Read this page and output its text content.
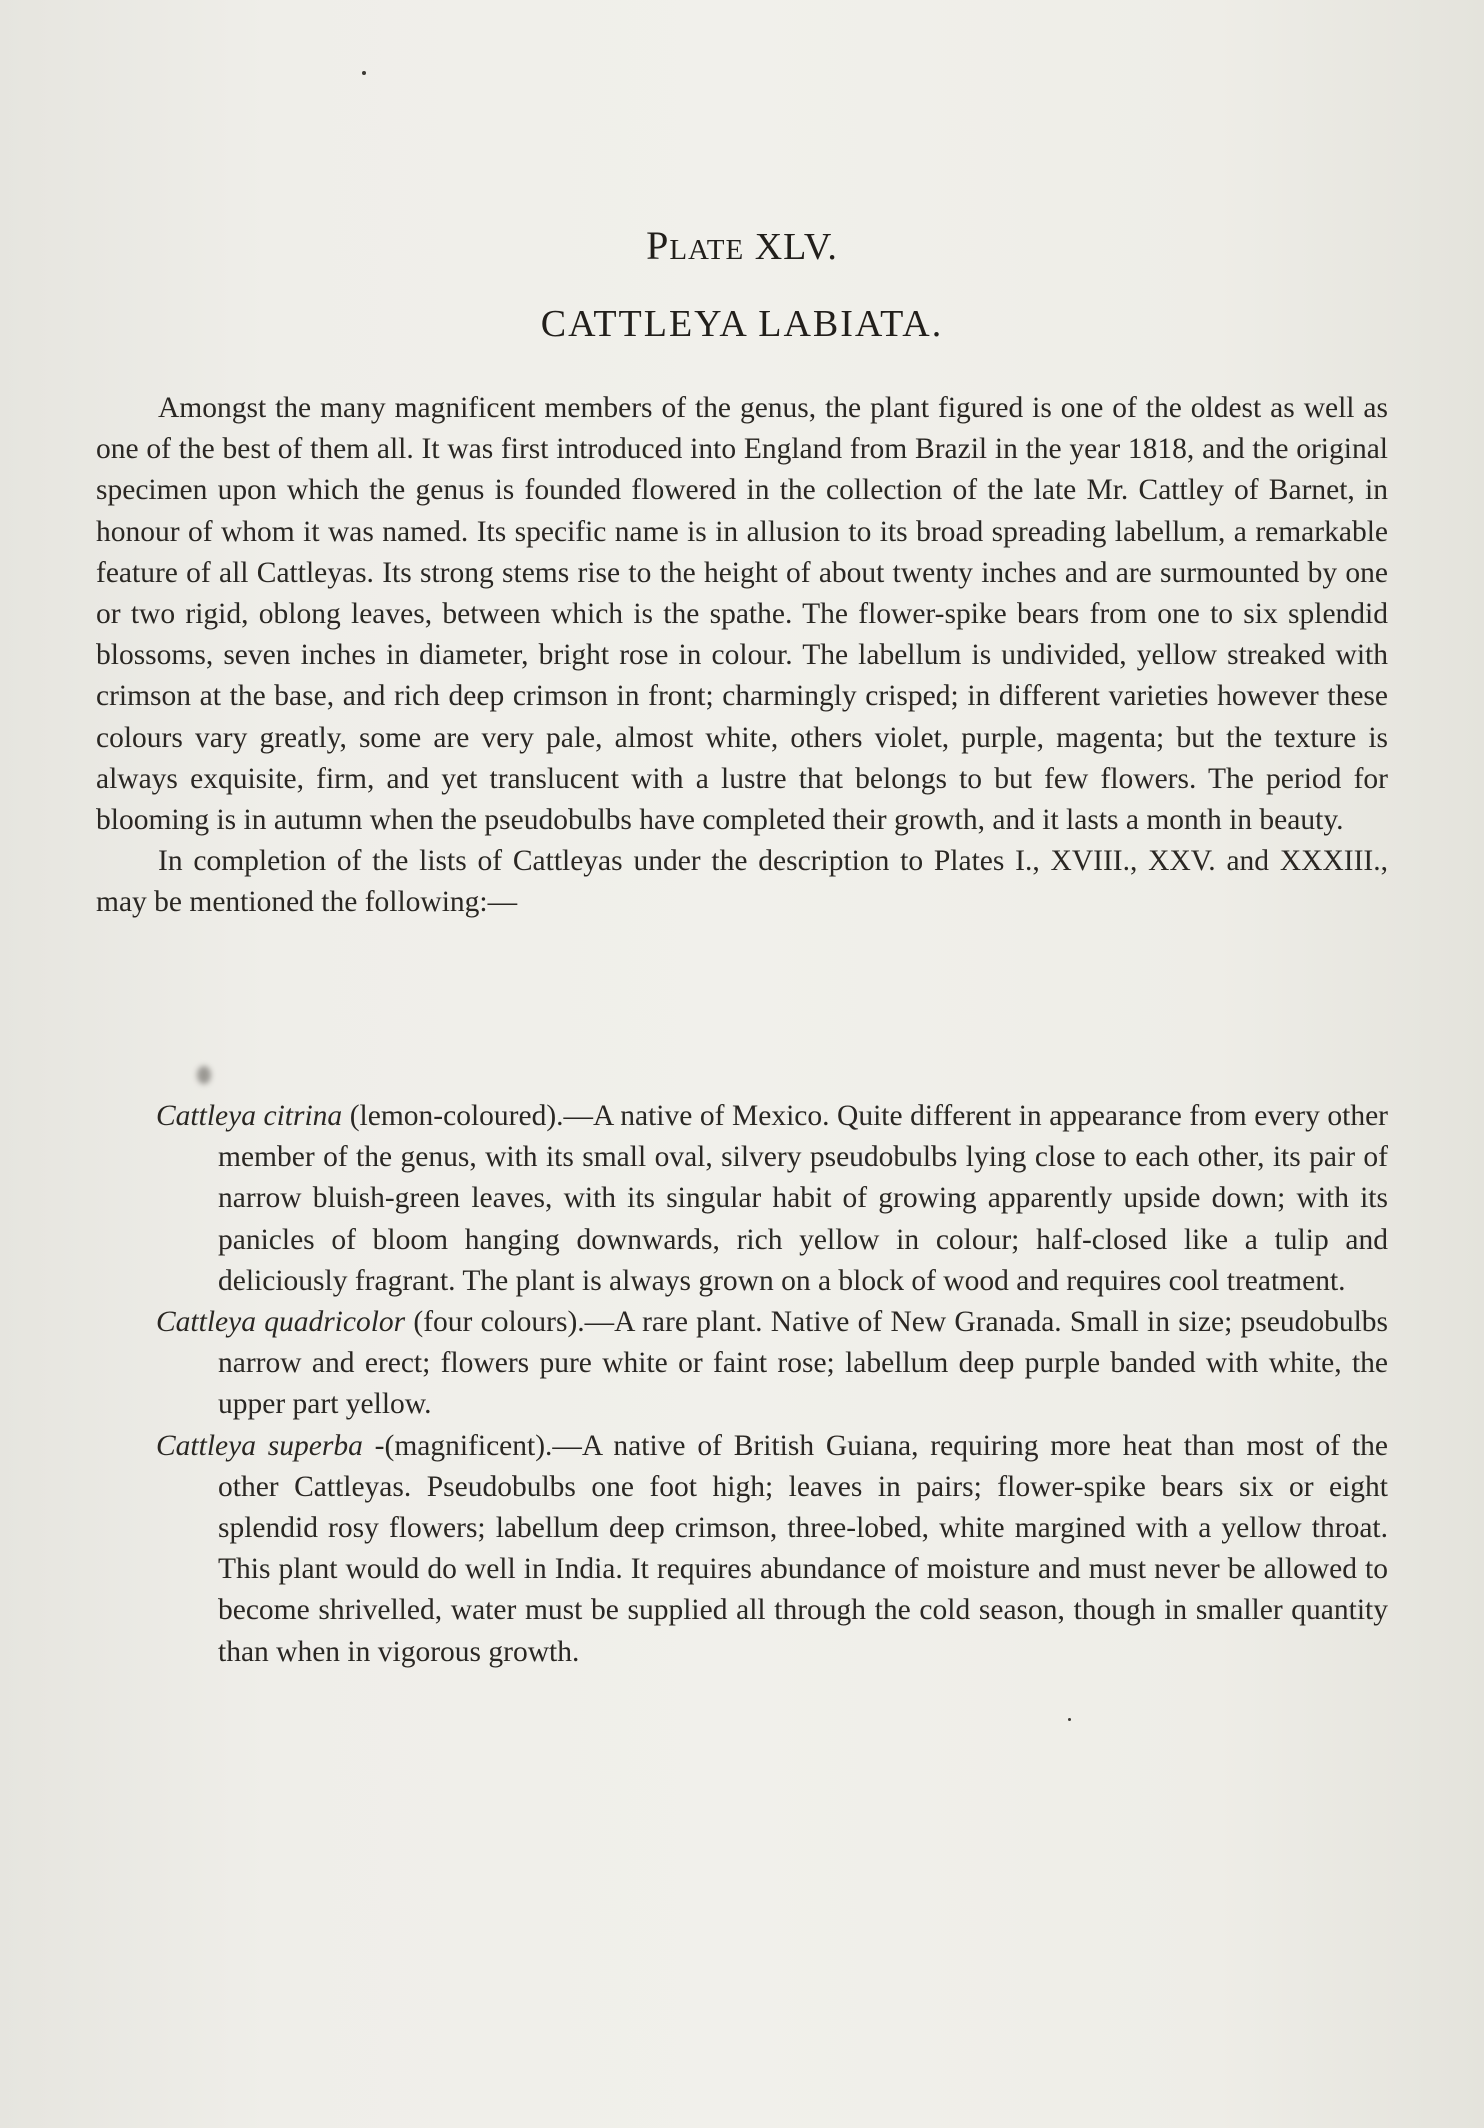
PLATE XLV.
CATTLEYA LABIATA.

Amongst the many magnificent members of the genus, the plant figured is one of the oldest as well as one of the best of them all. It was first introduced into England from Brazil in the year 1818, and the original specimen upon which the genus is founded flowered in the collection of the late Mr. Cattley of Barnet, in honour of whom it was named. Its specific name is in allusion to its broad spreading labellum, a remarkable feature of all Cattleyas. Its strong stems rise to the height of about twenty inches and are surmounted by one or two rigid, oblong leaves, between which is the spathe. The flower-spike bears from one to six splendid blossoms, seven inches in diameter, bright rose in colour. The labellum is undivided, yellow streaked with crimson at the base, and rich deep crimson in front; charmingly crisped; in different varieties however these colours vary greatly, some are very pale, almost white, others violet, purple, magenta; but the texture is always exquisite, firm, and yet translucent with a lustre that belongs to but few flowers. The period for blooming is in autumn when the pseudobulbs have completed their growth, and it lasts a month in beauty.

In completion of the lists of Cattleyas under the description to Plates I., XVIII., XXV. and XXXIII., may be mentioned the following:—

Cattleya citrina (lemon-coloured).—A native of Mexico. Quite different in appearance from every other member of the genus, with its small oval, silvery pseudobulbs lying close to each other, its pair of narrow bluish-green leaves, with its singular habit of growing apparently upside down; with its panicles of bloom hanging downwards, rich yellow in colour; half-closed like a tulip and deliciously fragrant. The plant is always grown on a block of wood and requires cool treatment.

Cattleya quadricolor (four colours).—A rare plant. Native of New Granada. Small in size; pseudobulbs narrow and erect; flowers pure white or faint rose; labellum deep purple banded with white, the upper part yellow.

Cattleya superba -(magnificent).—A native of British Guiana, requiring more heat than most of the other Cattleyas. Pseudobulbs one foot high; leaves in pairs; flower-spike bears six or eight splendid rosy flowers; labellum deep crimson, three-lobed, white margined with a yellow throat. This plant would do well in India. It requires abundance of moisture and must never be allowed to become shrivelled, water must be supplied all through the cold season, though in smaller quantity than when in vigorous growth.
